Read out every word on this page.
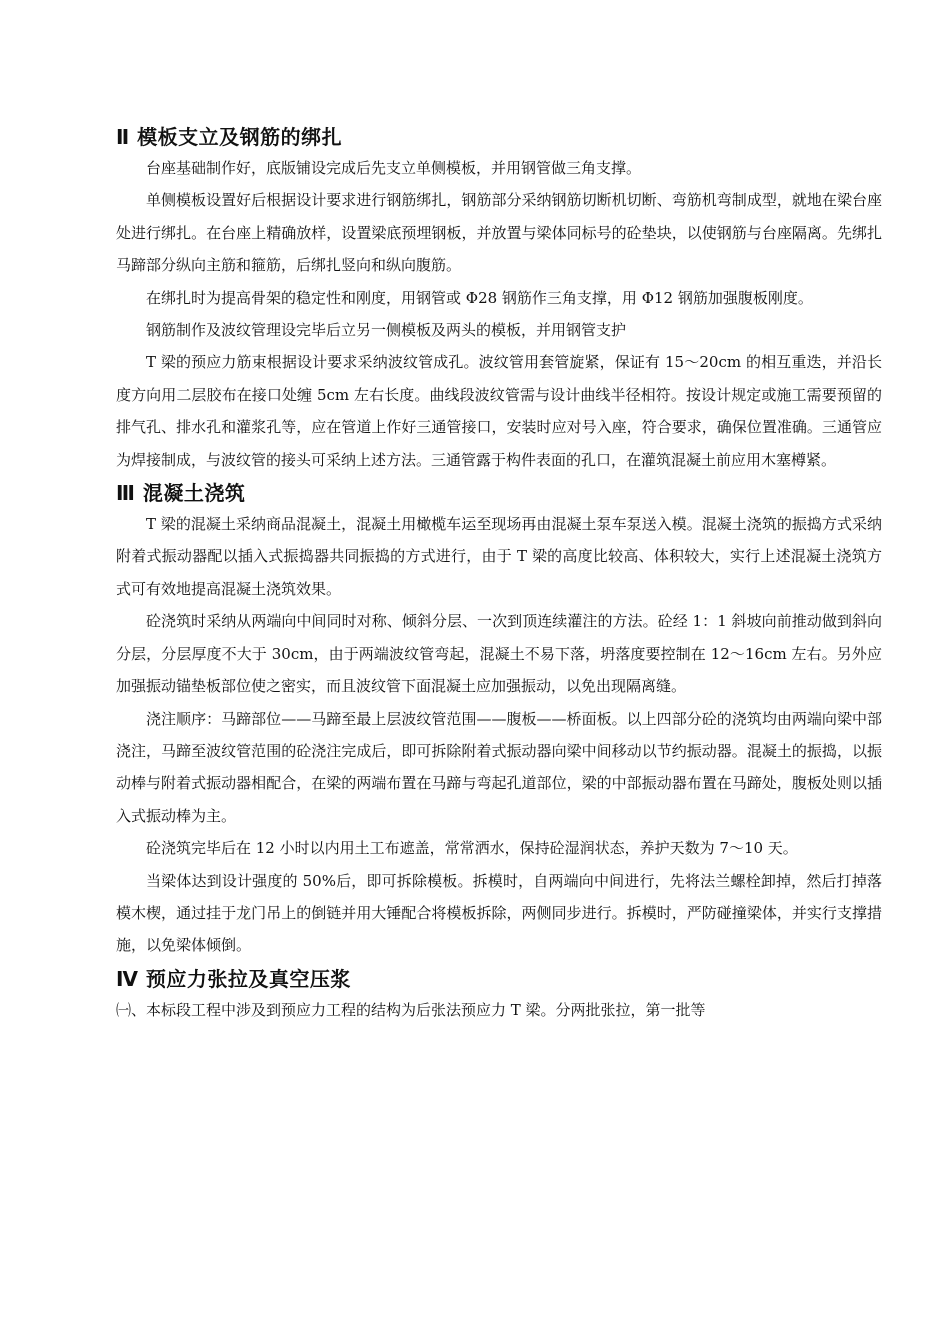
Ⅱ 模板支立及钢筋的绑扎

台座基础制作好，底版铺设完成后先支立单侧模板，并用钢管做三角支撑。

单侧模板设置好后根据设计要求进行钢筋绑扎，钢筋部分采纳钢筋切断机切断、弯筋机弯制成型，就地在梁台座处进行绑扎。在台座上精确放样，设置梁底预埋钢板，并放置与梁体同标号的砼垫块，以使钢筋与台座隔离。先绑扎马蹄部分纵向主筋和箍筋，后绑扎竖向和纵向腹筋。

在绑扎时为提高骨架的稳定性和刚度，用钢管或 Φ28 钢筋作三角支撑，用 Φ12 钢筋加强腹板刚度。

钢筋制作及波纹管理设完毕后立另一侧模板及两头的模板，并用钢管支护

T 梁的预应力筋束根据设计要求采纳波纹管成孔。波纹管用套管旋紧，保证有 15～20cm 的相互重迭，并沿长度方向用二层胶布在接口处缠 5cm 左右长度。曲线段波纹管需与设计曲线半径相符。按设计规定或施工需要预留的排气孔、排水孔和灌浆孔等，应在管道上作好三通管接口，安装时应对号入座，符合要求，确保位置准确。三通管应为焊接制成，与波纹管的接头可采纳上述方法。三通管露于构件表面的孔口，在灌筑混凝土前应用木塞樽紧。

Ⅲ 混凝土浇筑

T 梁的混凝土采纳商品混凝土，混凝土用橄榄车运至现场再由混凝土泵车泵送入模。混凝土浇筑的振捣方式采纳附着式振动器配以插入式振捣器共同振捣的方式进行，由于 T 梁的高度比较高、体积较大，实行上述混凝土浇筑方式可有效地提高混凝土浇筑效果。

砼浇筑时采纳从两端向中间同时对称、倾斜分层、一次到顶连续灌注的方法。砼经 1：1 斜坡向前推动做到斜向分层，分层厚度不大于 30cm，由于两端波纹管弯起，混凝土不易下落，坍落度要控制在 12～16cm 左右。另外应加强振动锚垫板部位使之密实，而且波纹管下面混凝土应加强振动，以免出现隔离缝。

浇注顺序：马蹄部位——马蹄至最上层波纹管范围——腹板——桥面板。以上四部分砼的浇筑均由两端向梁中部浇注，马蹄至波纹管范围的砼浇注完成后，即可拆除附着式振动器向梁中间移动以节约振动器。混凝土的振捣，以振动棒与附着式振动器相配合，在梁的两端布置在马蹄与弯起孔道部位，梁的中部振动器布置在马蹄处，腹板处则以插入式振动棒为主。

砼浇筑完毕后在 12 小时以内用土工布遮盖，常常洒水，保持砼湿润状态，养护天数为 7～10 天。

当梁体达到设计强度的 50%后，即可拆除模板。拆模时，自两端向中间进行，先将法兰螺栓卸掉，然后打掉落模木楔，通过挂于龙门吊上的倒链并用大锤配合将模板拆除，两侧同步进行。拆模时，严防碰撞梁体，并实行支撑措施，以免梁体倾倒。

Ⅳ 预应力张拉及真空压浆

㈠、本标段工程中涉及到预应力工程的结构为后张法预应力 T 梁。分两批张拉，第一批等
